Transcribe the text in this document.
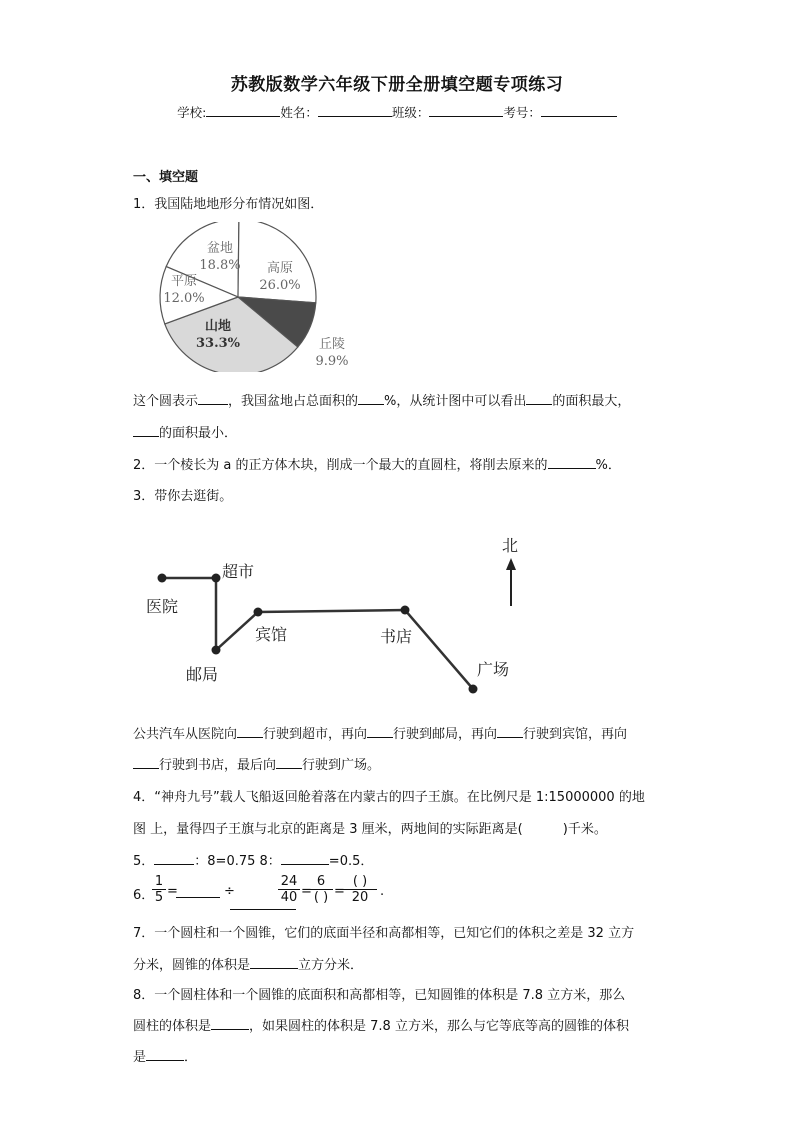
苏教版数学六年级下册全册填空题专项练习
学校:	姓名：	班级：	考号：
一、填空题
1．我国陆地地形分布情况如图．
盆地
18.8% 高原
26.0%
丘陵
9.9%
山地
33.3%
平原
12.0%
这个圆表示 ，我国盆地占总面积的 %，从统计图中可以看出 的面积最大，
的面积最小．
2．一个棱长为 a 的正方体木块，削成一个最大的直圆柱，将削去原来的	%．
3．带你去逛街。
北
医院
超市
邮局
宾馆	书店
广场
公共汽车从医院向 行驶到超市，再向 行驶到邮局，再向 行驶到宾馆，再向
行驶到书店，最后向 行驶到广场。
4．“神舟九号”载人飞船返回舱着落在内蒙古的四子王旗。在比例尺是 1:15000000 的地
图 上，量得四子王旗与北京的距离是 3 厘米，两地间的实际距离是(	)千米。
5．	：8=0.75 8：	=0.5．
6．
$\frac{1}{5}$ =	÷	$\frac{24}{40}$ =
6
( ) =
( )
20 .
7．一个圆柱和一个圆锥，它们的底面半径和高都相等，已知它们的体积之差是 32 立方
分米，圆锥的体积是	立方分米．
8．一个圆柱体和一个圆锥的底面积和高都相等，已知圆锥的体积是 7.8 立方米，那么
圆柱的体积是	，如果圆柱的体积是 7.8 立方米，那么与它等底等高的圆锥的体积
是	．
